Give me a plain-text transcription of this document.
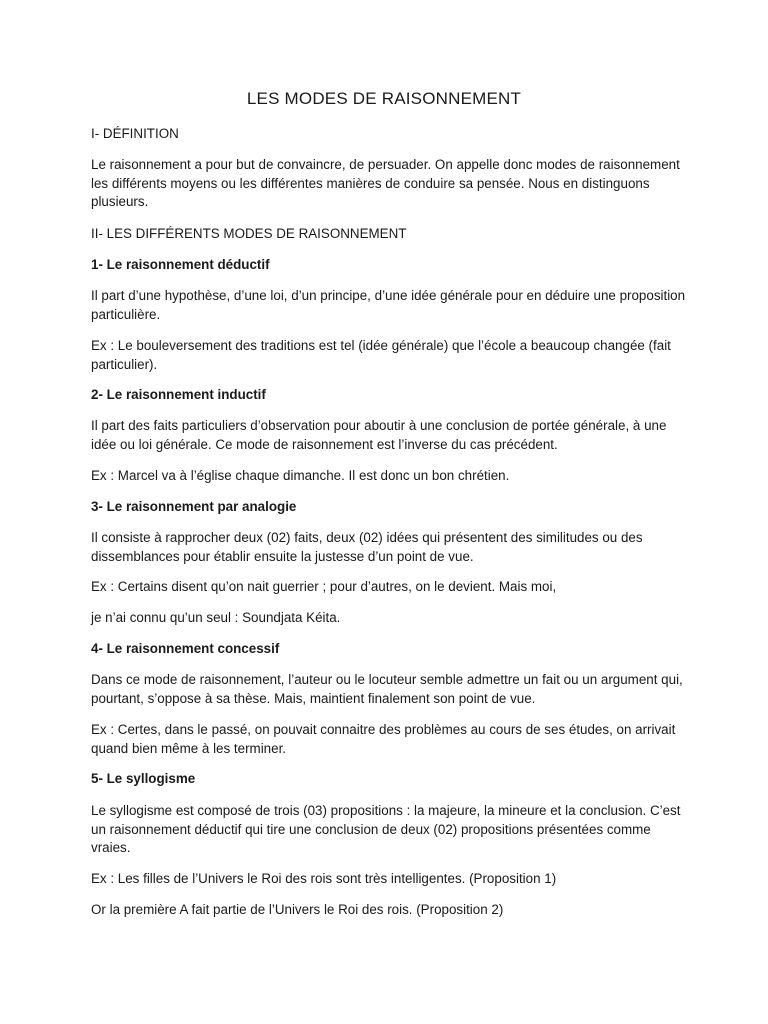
LES MODES DE RAISONNEMENT
I- DÉFINITION
Le raisonnement a pour but de convaincre, de persuader. On appelle donc modes de raisonnement les différents moyens ou les différentes manières de conduire sa pensée. Nous en distinguons plusieurs.
II- LES DIFFÉRENTS MODES DE RAISONNEMENT
1- Le raisonnement déductif
Il part d’une hypothèse, d’une loi, d’un principe, d’une idée générale pour en déduire une proposition particulière.
Ex : Le bouleversement des traditions est tel (idée générale) que l’école a beaucoup changée (fait particulier).
2- Le raisonnement inductif
Il part des faits particuliers d’observation pour aboutir à une conclusion de portée générale, à une idée ou loi générale. Ce mode de raisonnement est l’inverse du cas précédent.
Ex : Marcel va à l’église chaque dimanche. Il est donc un bon chrétien.
3- Le raisonnement par analogie
Il consiste à rapprocher deux (02) faits, deux (02) idées qui présentent des similitudes ou des dissemblances pour établir ensuite la justesse d’un point de vue.
Ex : Certains disent qu’on nait guerrier ; pour d’autres, on le devient. Mais moi,
je n’ai connu qu’un seul : Soundjata Kéita.
4- Le raisonnement concessif
Dans ce mode de raisonnement, l’auteur ou le locuteur semble admettre un fait ou un argument qui, pourtant, s’oppose à sa thèse. Mais, maintient finalement son point de vue.
Ex : Certes, dans le passé, on pouvait connaitre des problèmes au cours de ses études, on arrivait quand bien même à les terminer.
5- Le syllogisme
Le syllogisme est composé de trois (03) propositions : la majeure, la mineure et la conclusion. C’est un raisonnement déductif qui tire une conclusion de deux (02) propositions présentées comme vraies.
Ex : Les filles de l’Univers le Roi des rois sont très intelligentes. (Proposition 1)
Or la première A fait partie de l’Univers le Roi des rois. (Proposition 2)
